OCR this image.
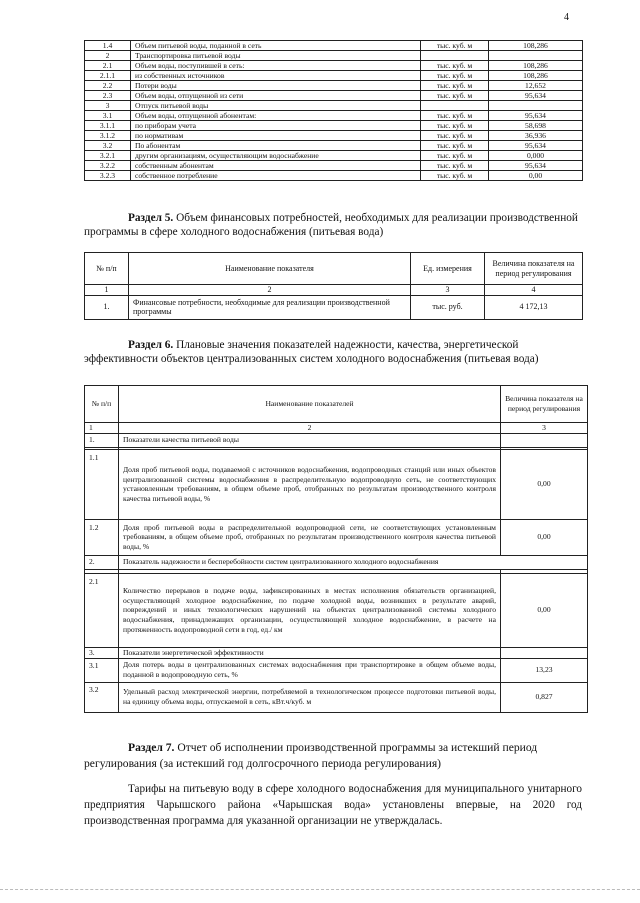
4
1.4	Объем питьевой воды, поданной в сеть	тыс. куб. м	108,286
2	Транспортировка питьевой воды		
2.1	Объем воды, поступившей в сеть:	тыс. куб. м	108,286
2.1.1	из собственных источников	тыс. куб. м	108,286
2.2	Потери воды	тыс. куб. м	12,652
2.3	Объем воды, отпущенной из сети	тыс. куб. м	95,634
3	Отпуск питьевой воды		
3.1	Объем воды, отпущенной абонентам:	тыс. куб. м	95,634
3.1.1	по приборам учета	тыс. куб. м	58,698
3.1.2	по нормативам	тыс. куб. м	36,936
3.2	По абонентам	тыс. куб. м	95,634
3.2.1	другим организациям, осуществляющим водоснабжение	тыс. куб. м	0,000
3.2.2	собственным абонентам	тыс. куб. м	95,634
3.2.3	собственное потребление	тыс. куб. м	0,00
Раздел 5. Объем финансовых потребностей, необходимых для реализации производственной программы в сфере холодного водоснабжения (питьевая вода)
№ п/п	Наименование показателя	Ед. измерения	Величина показателя на период регулирования
1	2	3	4
1.	Финансовые потребности, необходимые для реализации производственной программы	тыс. руб.	4 172,13
Раздел 6. Плановые значения показателей надежности, качества, энергетической эффективности объектов централизованных систем холодного водоснабжения (питьевая вода)
№ п/п	Наименование показателей	Величина показателя на период регулирования
1	2	3
1.	Показатели качества питьевой воды	

1.1	Доля проб питьевой воды, подаваемой с источников водоснабжения, водопроводных станций или иных объектов централизованной системы водоснабжения в распределительную водопроводную сеть, не соответствующих установленным требованиям, в общем объеме проб, отобранных по результатам производственного контроля качества питьевой воды, %	0,00
1.2	Доля проб питьевой воды в распределительной водопроводной сети, не соответствующих установленным требованиям, в общем объеме проб, отобранных по результатам производственного контроля качества питьевой воды, %	0,00
2.	Показатель надежности и бесперебойности систем централизованного холодного водоснабжения	

2.1	Количество перерывов в подаче воды, зафиксированных в местах исполнения обязательств организацией, осуществляющей холодное водоснабжение, по подаче холодной воды, возникших в результате аварий, повреждений и иных технологических нарушений на объектах централизованной системы холодного водоснабжения, принадлежащих организации, осуществляющей холодное водоснабжение, в расчете на протяженность водопроводной сети в год, ед./ км	0,00
3.	Показатели энергетической эффективности	
3.1	Доля потерь воды в централизованных системах водоснабжения при транспортировке в общем объеме воды, поданной в водопроводную сеть, %	13,23
3.2	Удельный расход электрической энергии, потребляемой в технологическом процессе подготовки питьевой воды, на единицу объема воды, отпускаемой в сеть, кВт.ч/куб. м	0,827
Раздел 7. Отчет об исполнении производственной программы за истекший период регулирования (за истекший год долгосрочного периода регулирования)
Тарифы на питьевую воду в сфере холодного водоснабжения для муниципального унитарного предприятия Чарышского района «Чарышская вода» установлены впервые, на 2020 год производственная программа для указанной организации не утверждалась.
